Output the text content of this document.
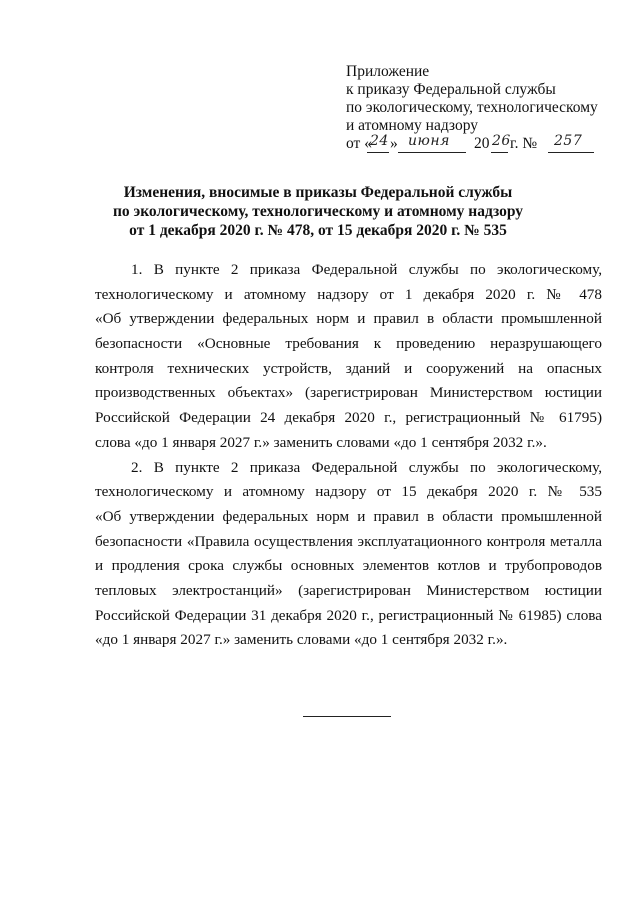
Приложение
к приказу Федеральной службы
по экологическому, технологическому
и атомному надзору
от «
24 » июня 20 26 г. № 257
Изменения, вносимые в приказы Федеральной службы
по экологическому, технологическому и атомному надзору
от 1 декабря 2020 г. № 478, от 15 декабря 2020 г. № 535
1. В пункте 2 приказа Федеральной службы по экологическому,
технологическому и атомному надзору от 1 декабря 2020 г. № 478
«Об утверждении федеральных норм и правил в области промышленной
безопасности «Основные требования к проведению неразрушающего
контроля технических устройств, зданий и сооружений на опасных
производственных объектах» (зарегистрирован Министерством юстиции
Российской Федерации 24 декабря 2020 г., регистрационный № 61795)
слова «до 1 января 2027 г.» заменить словами «до 1 сентября 2032 г.».
2. В пункте 2 приказа Федеральной службы по экологическому,
технологическому и атомному надзору от 15 декабря 2020 г. № 535
«Об утверждении федеральных норм и правил в области промышленной
безопасности «Правила осуществления эксплуатационного контроля металла
и продления срока службы основных элементов котлов и трубопроводов
тепловых электростанций» (зарегистрирован Министерством юстиции
Российской Федерации 31 декабря 2020 г., регистрационный № 61985) слова
«до 1 января 2027 г.» заменить словами «до 1 сентября 2032 г.».
